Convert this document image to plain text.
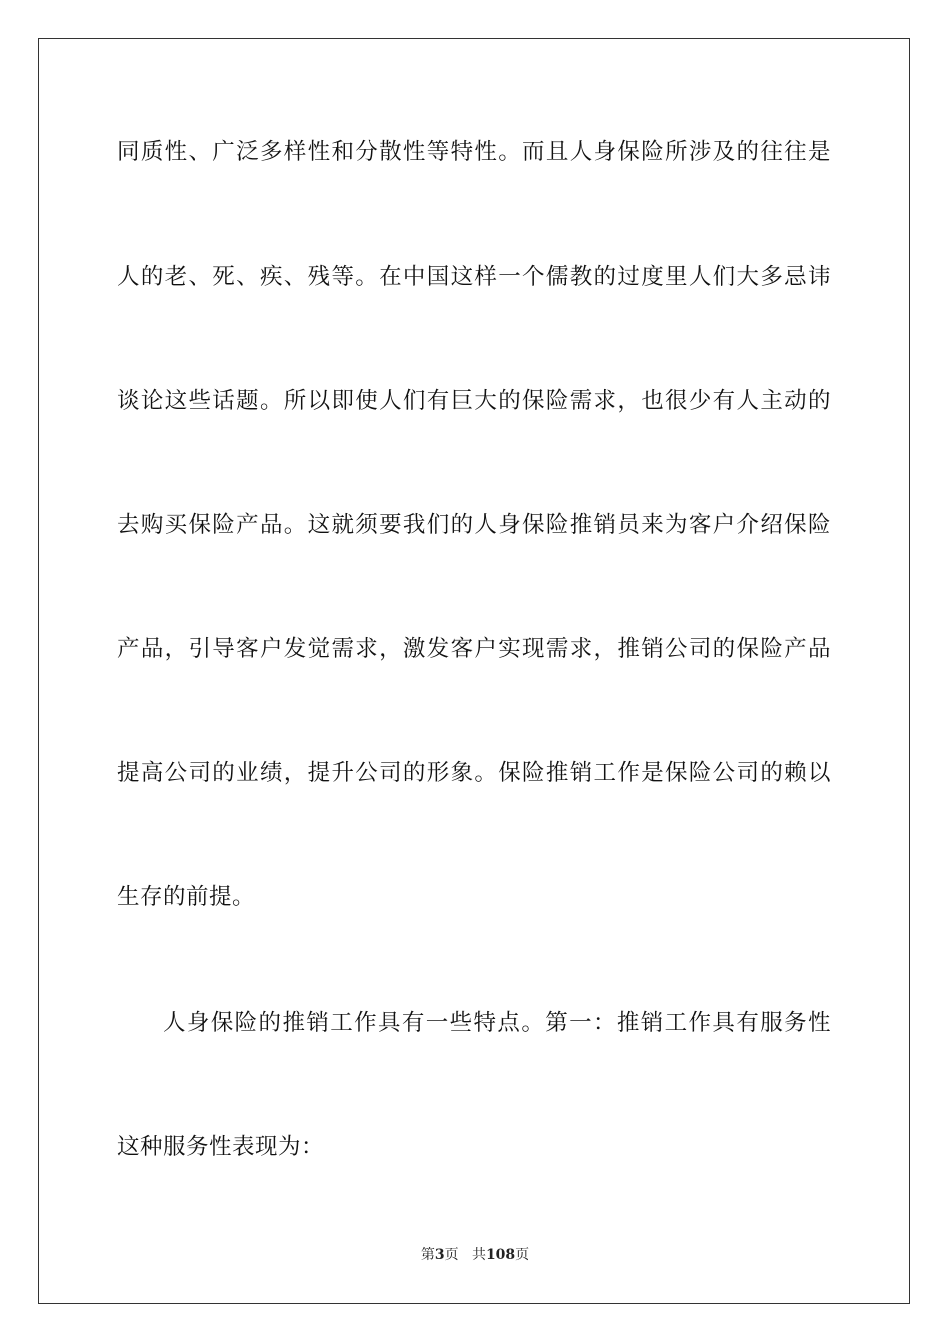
同质性、广泛多样性和分散性等特性。而且人身保险所涉及的往往是
人的老、死、疾、残等。在中国这样一个儒教的过度里人们大多忌讳
谈论这些话题。所以即使人们有巨大的保险需求，也很少有人主动的
去购买保险产品。这就须要我们的人身保险推销员来为客户介绍保险
产品，引导客户发觉需求，激发客户实现需求，推销公司的保险产品
提高公司的业绩，提升公司的形象。保险推销工作是保险公司的赖以
生存的前提。
人身保险的推销工作具有一些特点。第一：推销工作具有服务性
这种服务性表现为：
第3页 共108页
